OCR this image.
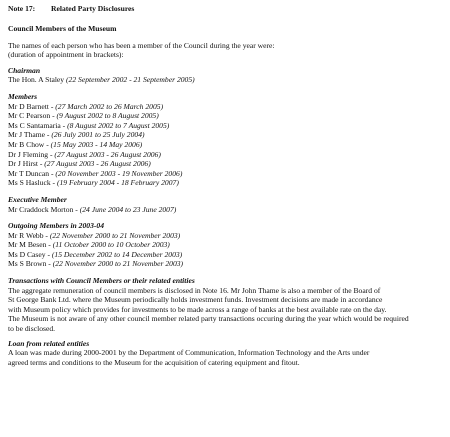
Note 17: Related Party Disclosures
Council Members of the Museum
The names of each person who has been a member of the Council during the year were:
(duration of appointment in brackets):
Chairman
The Hon. A Staley (22 September 2002 - 21 September 2005)
Members
Mr D Barnett - (27 March 2002 to 26 March 2005)
Mr C Pearson - (9 August 2002 to 8 August 2005)
Ms C Santamaria - (8 August 2002 to 7 August 2005)
Mr J Thame - (26 July 2001 to 25 July 2004)
Mr B Chow - (15 May 2003 - 14 May 2006)
Dr J Fleming - (27 August 2003 - 26 August 2006)
Dr J Hirst - (27 August 2003 - 26 August 2006)
Mr T Duncan - (20 November 2003 - 19 November 2006)
Ms S Hasluck - (19 February 2004 - 18 February 2007)
Executive Member
Mr Craddock Morton - (24 June 2004 to 23 June 2007)
Outgoing Members in 2003-04
Mr R Webb - (22 November 2000 to 21 November 2003)
Mr M Besen - (11 October 2000 to 10 October 2003)
Ms D Casey - (15 December 2002 to 14 December 2003)
Ms S Brown - (22 November 2000 to 21 November 2003)
Transactions with Council Members or their related entities
The aggregate remuneration of council members is disclosed in Note 16. Mr John Thame is also a member of the Board of
St George Bank Ltd. where the Museum periodically holds investment funds. Investment decisions are made in accordance
with Museum policy which provides for investments to be made across a range of banks at the best available rate on the day.
The Museum is not aware of any other council member related party transactions occuring during the year which would be required
to be disclosed.
Loan from related entities
A loan was made during 2000-2001 by the Department of Communication, Information Technology and the Arts under
agreed terms and conditions to the Museum for the acquisition of catering equipment and fitout.
